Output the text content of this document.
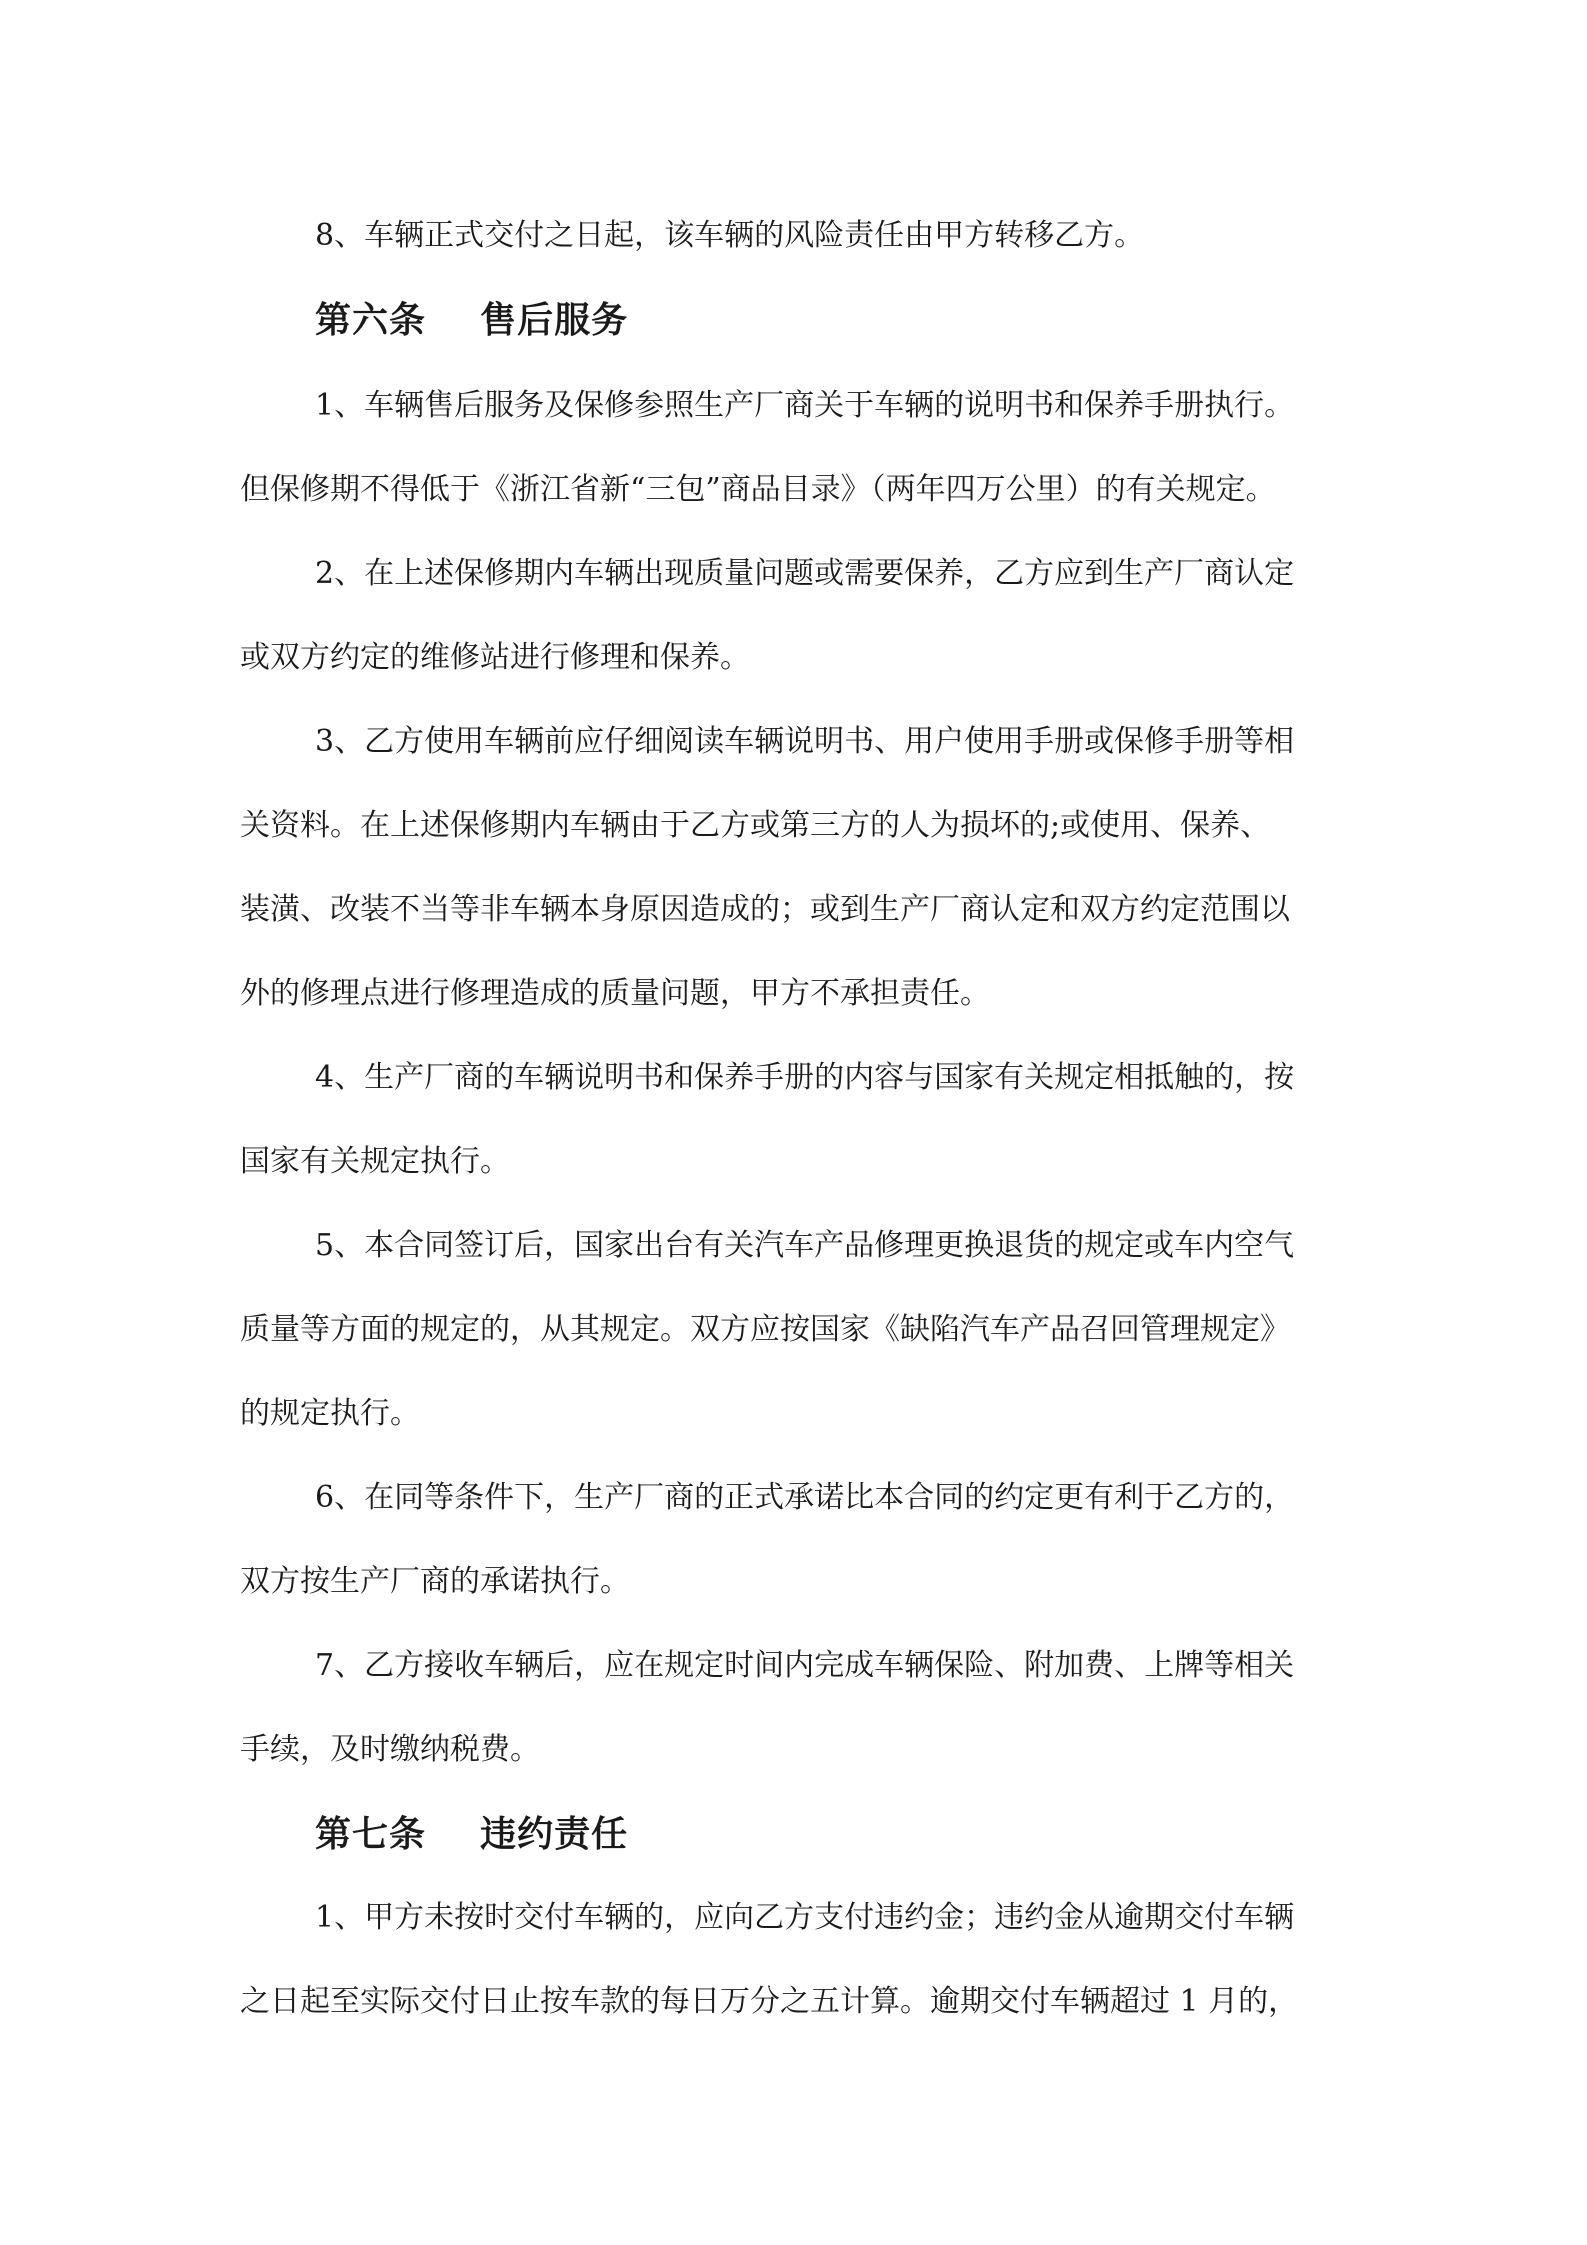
8、车辆正式交付之日起，该车辆的风险责任由甲方转移乙方。
第六条    售后服务
1、车辆售后服务及保修参照生产厂商关于车辆的说明书和保养手册执行。
但保修期不得低于《浙江省新“三包”商品目录》（两年四万公里）的有关规定。
2、在上述保修期内车辆出现质量问题或需要保养，乙方应到生产厂商认定
或双方约定的维修站进行修理和保养。
3、乙方使用车辆前应仔细阅读车辆说明书、用户使用手册或保修手册等相
关资料。在上述保修期内车辆由于乙方或第三方的人为损坏的;或使用、保养、
装潢、改装不当等非车辆本身原因造成的；或到生产厂商认定和双方约定范围以
外的修理点进行修理造成的质量问题，甲方不承担责任。
4、生产厂商的车辆说明书和保养手册的内容与国家有关规定相抵触的，按
国家有关规定执行。
5、本合同签订后，国家出台有关汽车产品修理更换退货的规定或车内空气
质量等方面的规定的，从其规定。双方应按国家《缺陷汽车产品召回管理规定》
的规定执行。
6、在同等条件下，生产厂商的正式承诺比本合同的约定更有利于乙方的，
双方按生产厂商的承诺执行。
7、乙方接收车辆后，应在规定时间内完成车辆保险、附加费、上牌等相关
手续，及时缴纳税费。
第七条    违约责任
1、甲方未按时交付车辆的，应向乙方支付违约金；违约金从逾期交付车辆
之日起至实际交付日止按车款的每日万分之五计算。逾期交付车辆超过 1 月的，
